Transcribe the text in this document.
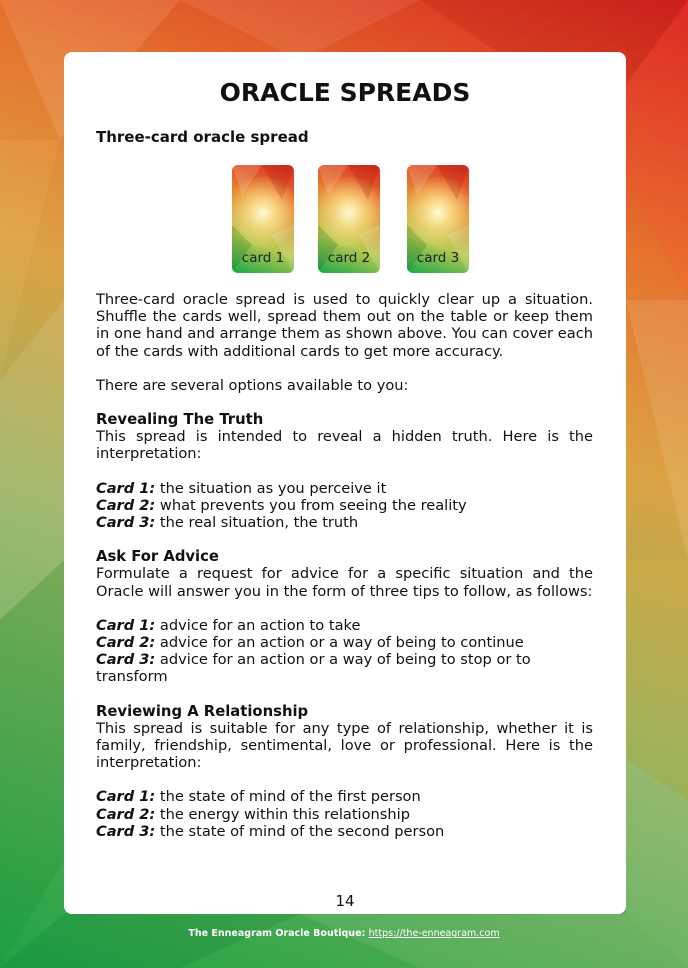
ORACLE SPREADS
Three-card oracle spread
card 1	card 2	card 3

Three-card oracle spread is used to quickly clear up a situation. Shuffle the cards well, spread them out on the table or keep them in one hand and arrange them as shown above. You can cover each of the cards with additional cards to get more accuracy.

There are several options available to you:

Revealing The Truth

This spread is intended to reveal a hidden truth. Here is the interpretation:

Card 1: the situation as you perceive it

Card 2: what prevents you from seeing the reality

Card 3: the real situation, the truth

Ask For Advice

Formulate a request for advice for a specific situation and the Oracle will answer you in the form of three tips to follow, as follows:

Card 1: advice for an action to take

Card 2: advice for an action or a way of being to continue

Card 3: advice for an action or a way of being to stop or to transform

Reviewing A Relationship

This spread is suitable for any type of relationship, whether it is family, friendship, sentimental, love or professional. Here is the interpretation:

Card 1: the state of mind of the first person

Card 2: the energy within this relationship

Card 3: the state of mind of the second person

14
The Enneagram Oracle Boutique: https://the-enneagram.com
